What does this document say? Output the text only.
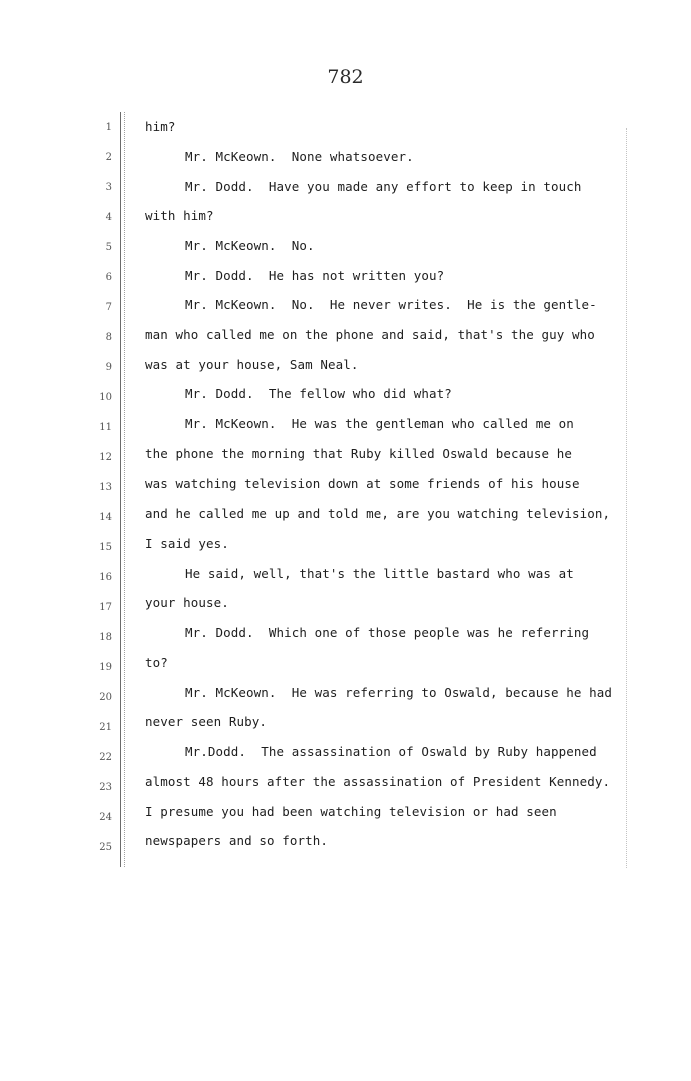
782
1	him?
2	Mr. McKeown.  None whatsoever.
3	Mr. Dodd.  Have you made any effort to keep in touch
4	with him?
5	Mr. McKeown.  No.
6	Mr. Dodd.  He has not written you?
7	Mr. McKeown.  No.  He never writes.  He is the gentle-
8	man who called me on the phone and said, that's the guy who
9	was at your house, Sam Neal.
10	Mr. Dodd.  The fellow who did what?
11	Mr. McKeown.  He was the gentleman who called me on
12	the phone the morning that Ruby killed Oswald because he
13	was watching television down at some friends of his house
14	and he called me up and told me, are you watching television,
15	I said yes.
16	He said, well, that's the little bastard who was at
17	your house.
18	Mr. Dodd.  Which one of those people was he referring
19	to?
20	Mr. McKeown.  He was referring to Oswald, because he had
21	never seen Ruby.
22	Mr.Dodd.  The assassination of Oswald by Ruby happened
23	almost 48 hours after the assassination of President Kennedy.
24	I presume you had been watching television or had seen
25	newspapers and so forth.
